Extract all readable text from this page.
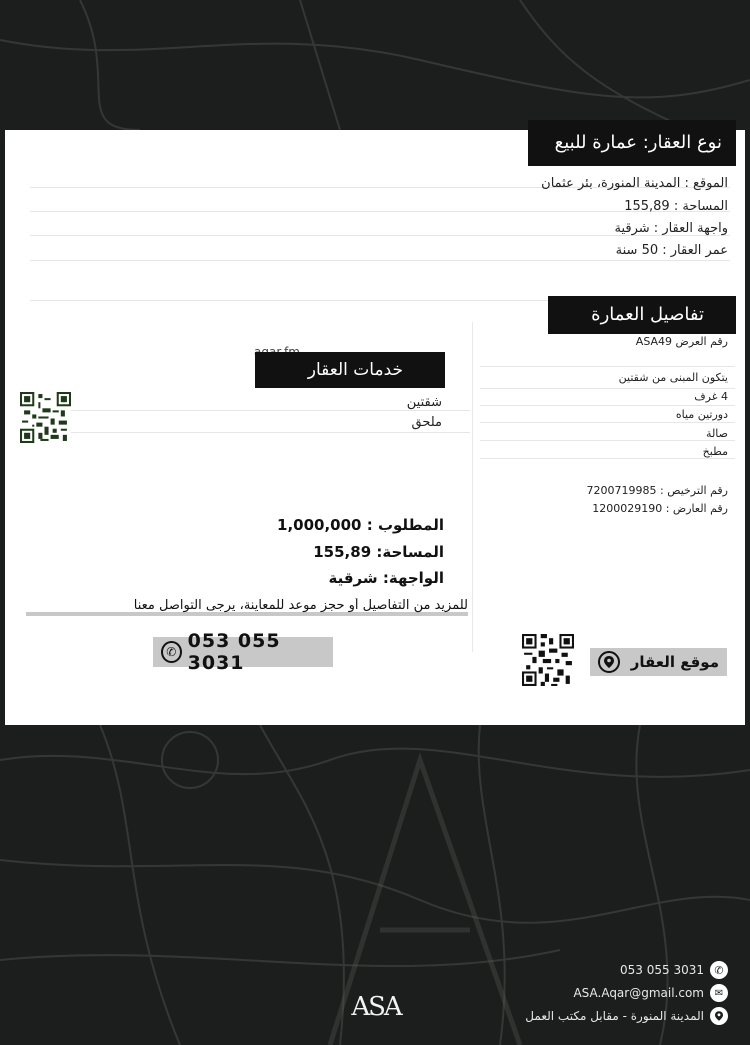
نوع العقار: عمارة للبيع
الموقع : المدينة المنورة، بئر عثمان
المساحة : 155,89
واجهة العقار : شرقية
عمر العقار : 50 سنة
تفاصيل العمارة
رقم العرض ASA49
يتكون المبنى من شقتين
4 غرف
دورتين مياه
صالة
مطبخ
رقم الترخيص : 7200719985
رقم العارض : 1200029190
خدمات العقار
شقتين
ملحق
المطلوب : 1,000,000
المساحة: 155,89
الواجهة: شرقية
للمزيد من التفاصيل أو حجز موعد للمعاينة، يرجى التواصل معنا
✆ 053 055 3031	موقع العقار
ASA
✆
053 055 3031
✉
ASA.Aqar@gmail.com
المدينة المنورة - مقابل مكتب العمل
